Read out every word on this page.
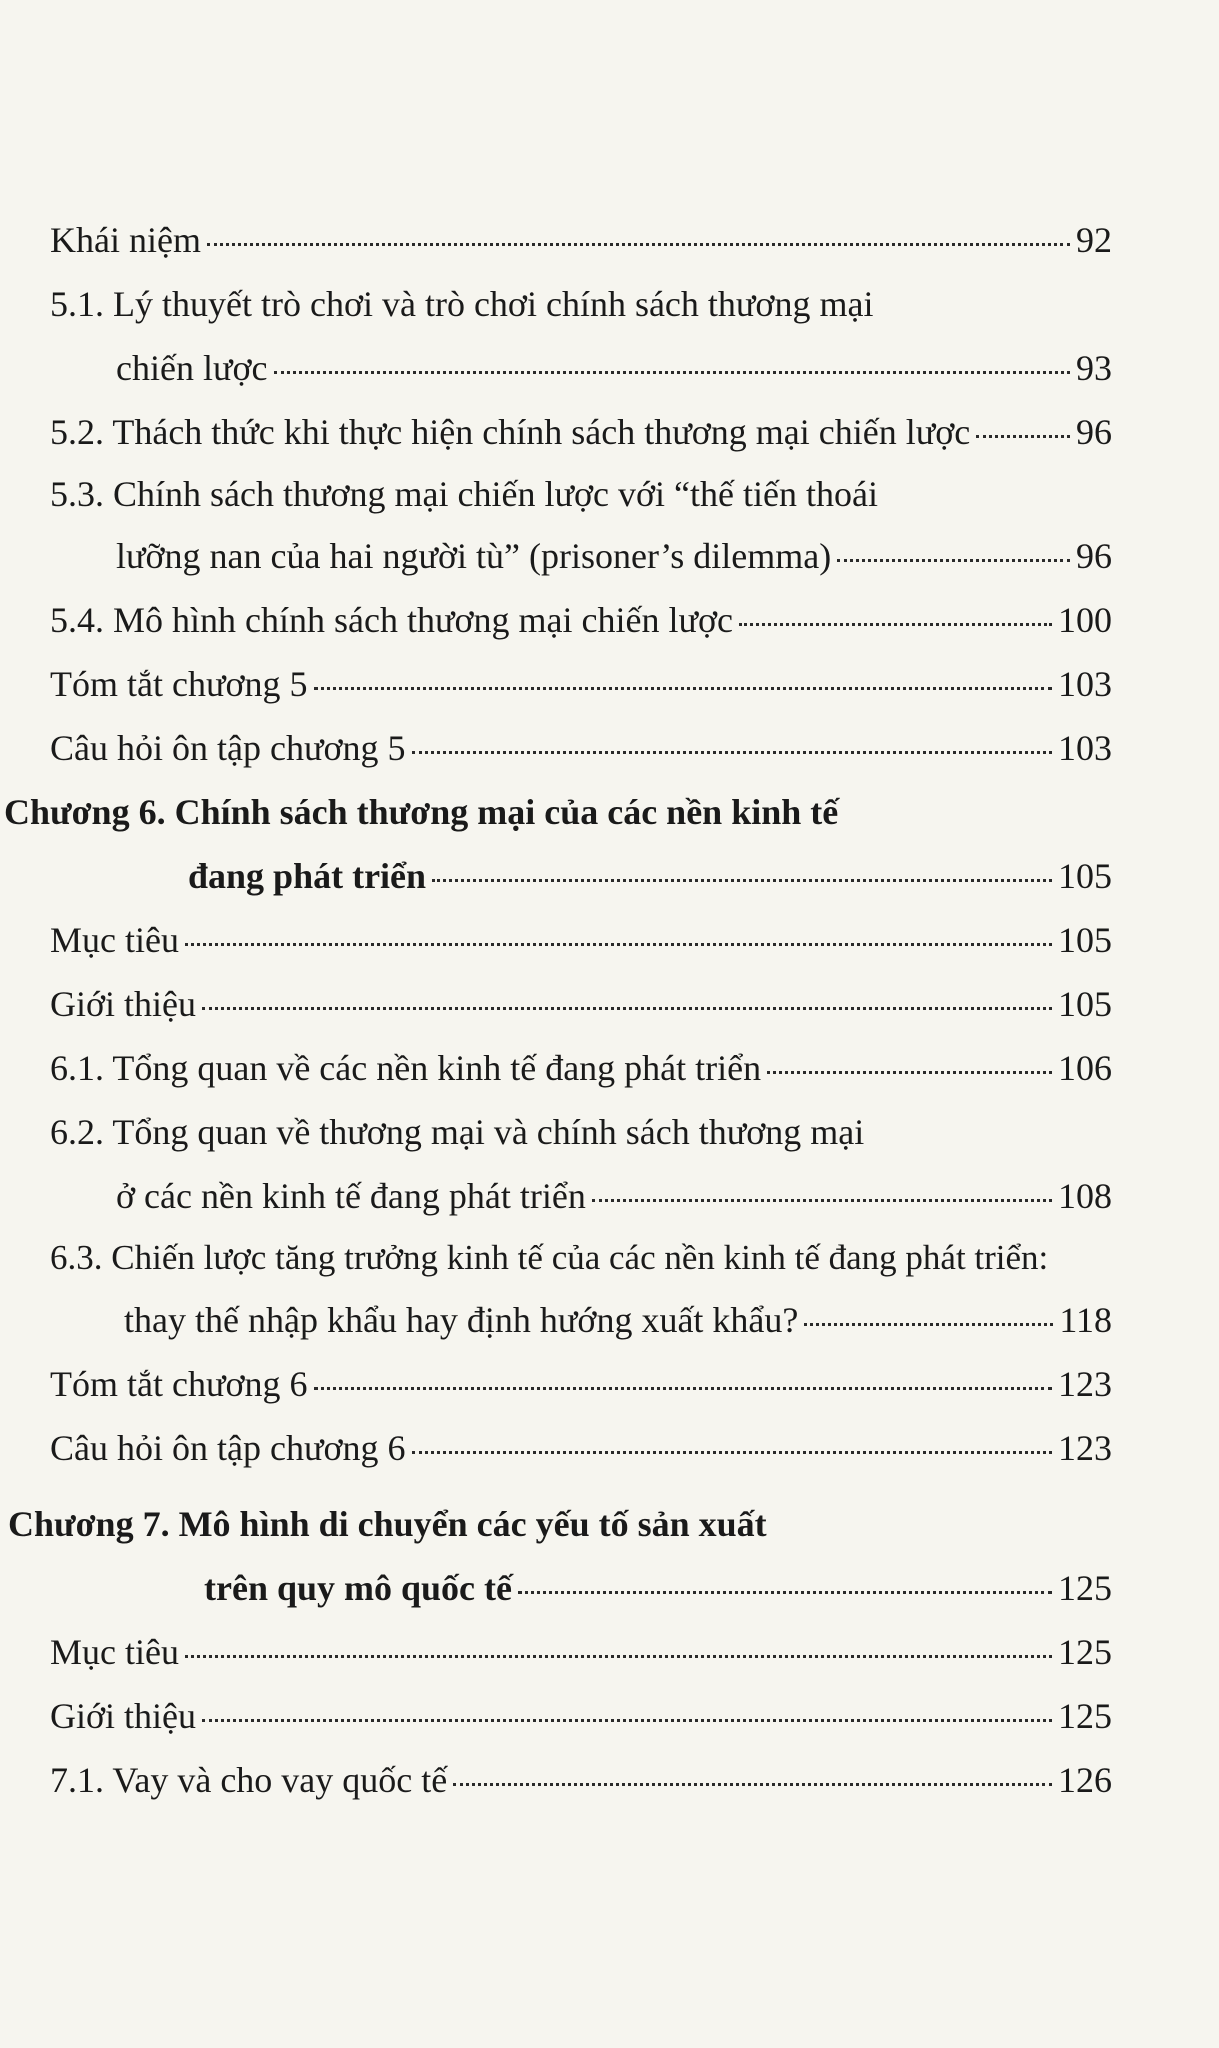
Khái niệm	92
5.1. Lý thuyết trò chơi và trò chơi chính sách thương mại
chiến lược	93
5.2. Thách thức khi thực hiện chính sách thương mại chiến lược	96
5.3. Chính sách thương mại chiến lược với “thế tiến thoái
lưỡng nan của hai người tù” (prisoner’s dilemma)	96
5.4. Mô hình chính sách thương mại chiến lược	100
Tóm tắt chương 5	103
Câu hỏi ôn tập chương 5	103
Chương 6. Chính sách thương mại của các nền kinh tế
đang phát triển	105
Mục tiêu	105
Giới thiệu	105
6.1. Tổng quan về các nền kinh tế đang phát triển	106
6.2. Tổng quan về thương mại và chính sách thương mại
ở các nền kinh tế đang phát triển	108
6.3. Chiến lược tăng trưởng kinh tế của các nền kinh tế đang phát triển:
thay thế nhập khẩu hay định hướng xuất khẩu?	118
Tóm tắt chương 6	123
Câu hỏi ôn tập chương 6	123
Chương 7. Mô hình di chuyển các yếu tố sản xuất
trên quy mô quốc tế	125
Mục tiêu	125
Giới thiệu	125
7.1. Vay và cho vay quốc tế	126
